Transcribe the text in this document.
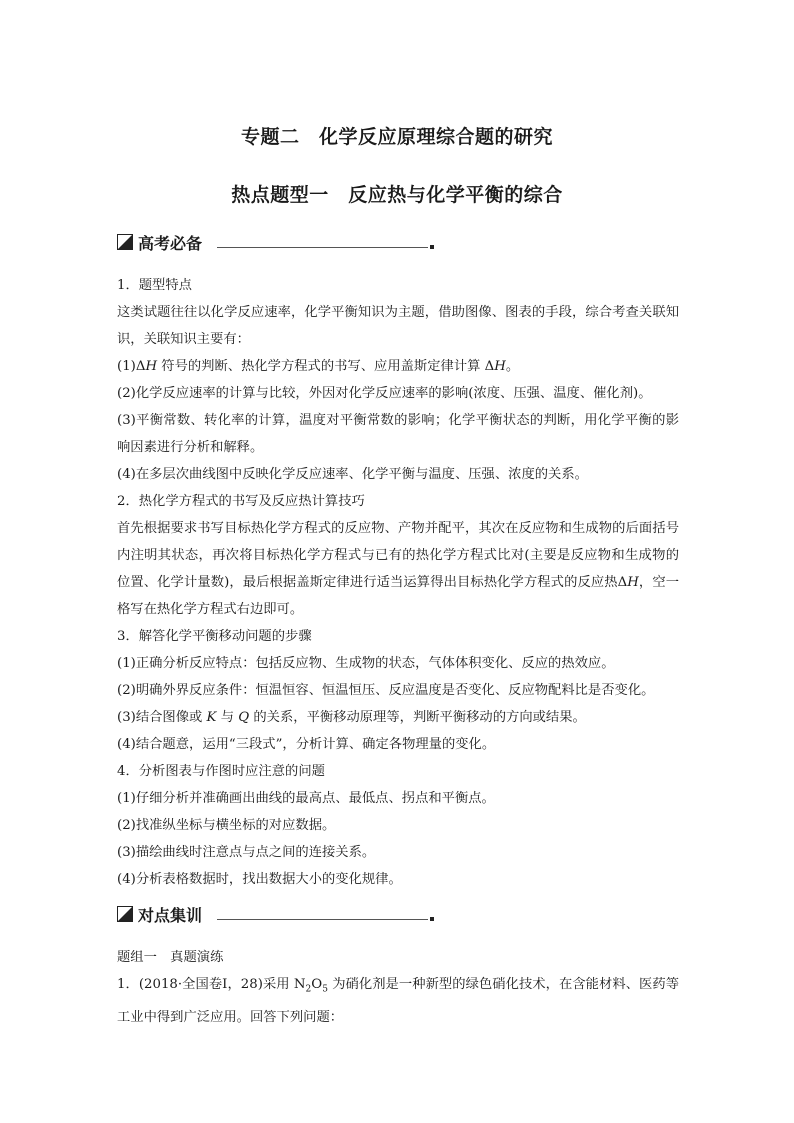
专题二　化学反应原理综合题的研究
热点题型一　反应热与化学平衡的综合
高考必备

1．题型特点

这类试题往往以化学反应速率，化学平衡知识为主题，借助图像、图表的手段，综合考查关联知识，关联知识主要有：

(1)ΔH 符号的判断、热化学方程式的书写、应用盖斯定律计算 ΔH。

(2)化学反应速率的计算与比较，外因对化学反应速率的影响(浓度、压强、温度、催化剂)。

(3)平衡常数、转化率的计算，温度对平衡常数的影响；化学平衡状态的判断，用化学平衡的影响因素进行分析和解释。

(4)在多层次曲线图中反映化学反应速率、化学平衡与温度、压强、浓度的关系。

2．热化学方程式的书写及反应热计算技巧

首先根据要求书写目标热化学方程式的反应物、产物并配平，其次在反应物和生成物的后面括号内注明其状态，再次将目标热化学方程式与已有的热化学方程式比对(主要是反应物和生成物的位置、化学计量数)，最后根据盖斯定律进行适当运算得出目标热化学方程式的反应热ΔH，空一格写在热化学方程式右边即可。

3．解答化学平衡移动问题的步骤

(1)正确分析反应特点：包括反应物、生成物的状态，气体体积变化、反应的热效应。

(2)明确外界反应条件：恒温恒容、恒温恒压、反应温度是否变化、反应物配料比是否变化。

(3)结合图像或 K 与 Q 的关系，平衡移动原理等，判断平衡移动的方向或结果。

(4)结合题意，运用“三段式”，分析计算、确定各物理量的变化。

4．分析图表与作图时应注意的问题

(1)仔细分析并准确画出曲线的最高点、最低点、拐点和平衡点。

(2)找准纵坐标与横坐标的对应数据。

(3)描绘曲线时注意点与点之间的连接关系。

(4)分析表格数据时，找出数据大小的变化规律。

对点集训

题组一　真题演练

1．(2018·全国卷Ⅰ，28)采用 $N_2O_5$ 为硝化剂是一种新型的绿色硝化技术，在含能材料、医药等工业中得到广泛应用。回答下列问题：
